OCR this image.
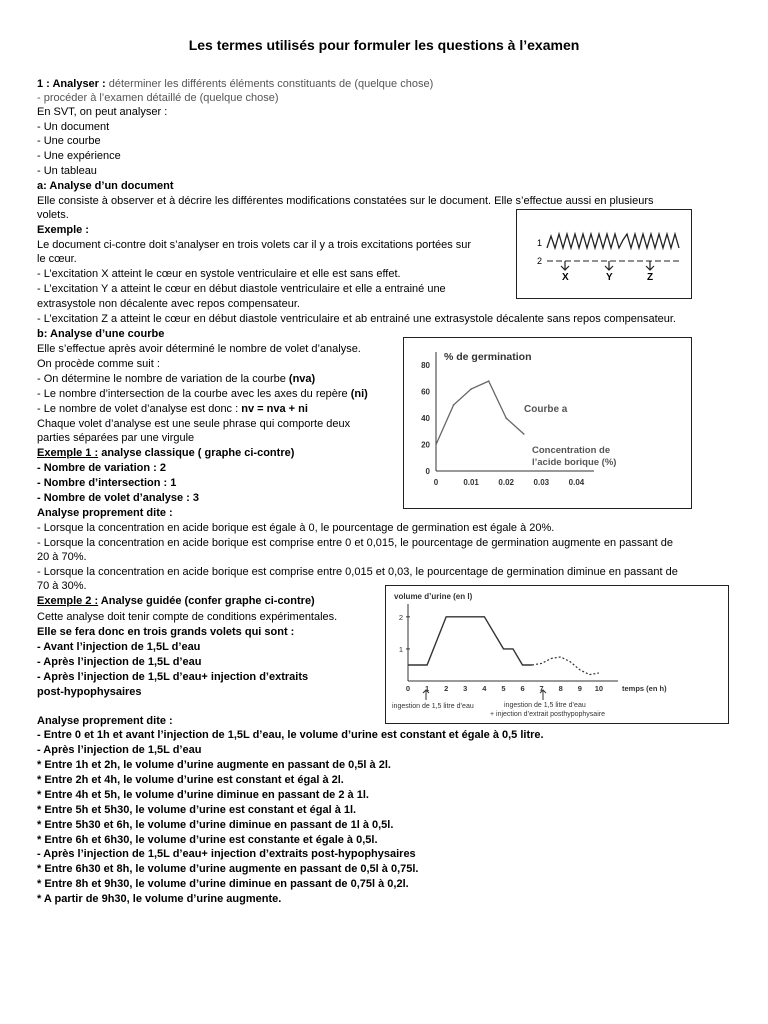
Les termes utilisés pour formuler les questions à l’examen
1 : Analyser : déterminer les différents éléments constituants de (quelque chose)
- procéder à l’examen détaillé de (quelque chose)
En SVT, on peut analyser :
- Un document
- Une courbe
- Une expérience
- Un tableau
a: Analyse d’un document
Elle consiste à observer et à décrire les différentes modifications constatées sur le document. Elle s’effectue aussi en plusieurs
volets.
Exemple :
Le document ci-contre doit s’analyser en trois volets car il y a trois excitations portées sur
le cœur.
- L’excitation X atteint le cœur en systole ventriculaire et elle est sans effet.
- L’excitation Y a atteint le cœur en début diastole ventriculaire et elle a entrainé une
extrasystole non décalente avec repos compensateur.
- L’excitation Z a atteint le cœur en début diastole ventriculaire et ab entrainé une extrasystole décalente sans repos compensateur.
1
2
X	Y	Z
b: Analyse d’une courbe
Elle s’effectue après avoir déterminé le nombre de volet d’analyse.
On procède comme suit :
- On détermine le nombre de variation de la courbe (nva)
- Le nombre d’intersection de la courbe avec les axes du repère (ni)
- Le nombre de volet d’analyse est donc : nv = nva + ni
Chaque volet d’analyse est une seule phrase qui comporte deux
parties séparées par une virgule
Exemple 1 : analyse classique ( graphe ci-contre)
- Nombre de variation : 2
- Nombre d’intersection : 1
- Nombre de volet d’analyse : 3
Analyse proprement dite :
- Lorsque la concentration en acide borique est égale à 0, le pourcentage de germination est égale à 20%.
- Lorsque la concentration en acide borique est comprise entre 0 et 0,015, le pourcentage de germination augmente en passant de
20 à 70%.
- Lorsque la concentration en acide borique est comprise entre 0,015 et 0,03, le pourcentage de germination diminue en passant de
70 à 30%.
% de germination
0
20
40
60
80
0	0.01 0.02 0.03 0.04
Courbe a
Concentration de
l’acide borique (%)
Exemple 2 : Analyse guidée (confer graphe ci-contre)
Cette analyse doit tenir compte de conditions expérimentales.
Elle se fera donc en trois grands volets qui sont :
- Avant l’injection de 1,5L d’eau
- Après l’injection de 1,5L d’eau
- Après l’injection de 1,5L d’eau+ injection d’extraits
post-hypophysaires
Analyse proprement dite :
- Entre 0 et 1h et avant l’injection de 1,5L d’eau, le volume d’urine est constant et égale à 0,5 litre.
- Après l’injection de 1,5L d’eau
* Entre 1h et 2h, le volume d’urine augmente en passant de 0,5l à 2l.
* Entre 2h et 4h, le volume d’urine est constant et égal à 2l.
* Entre 4h et 5h, le volume d’urine diminue en passant de 2 à 1l.
* Entre 5h et 5h30, le volume d’urine est constant et égal à 1l.
* Entre 5h30 et 6h, le volume d’urine diminue en passant de 1l à 0,5l.
* Entre 6h et 6h30, le volume d’urine est constante et égale à 0,5l.
- Après l’injection de 1,5L d’eau+ injection d’extraits post-hypophysaires
* Entre 6h30 et 8h, le volume d’urine augmente en passant de 0,5l à 0,75l.
* Entre 8h et 9h30, le volume d’urine diminue en passant de 0,75l à 0,2l.
* A partir de 9h30, le volume d’urine augmente.
volume d’urine (en l)
1
2
0 1 2 3 4 5 6 7 8 9 10	temps (en h)
ingestion de 1,5 litre d’eau	ingestion de 1,5 litre d’eau
+ injection d’extrait posthypophysaire
